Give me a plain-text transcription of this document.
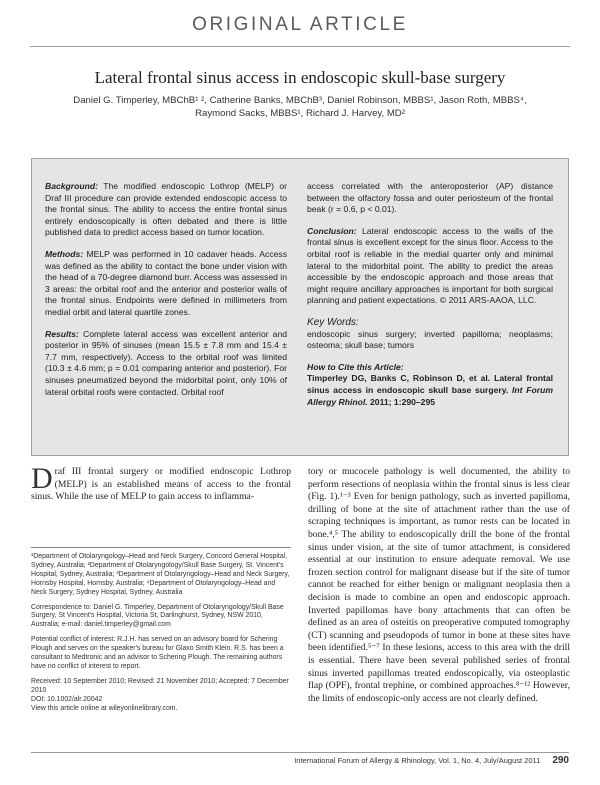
ORIGINAL ARTICLE
Lateral frontal sinus access in endoscopic skull-base surgery
Daniel G. Timperley, MBChB¹ ², Catherine Banks, MBChB³, Daniel Robinson, MBBS¹, Jason Roth, MBBS⁴,
Raymond Sacks, MBBS¹, Richard J. Harvey, MD²

Background: The modified endoscopic Lothrop (MELP) or Draf III procedure can provide extended endoscopic access to the frontal sinus. The ability to access the entire frontal sinus entirely endoscopically is often debated and there is little published data to predict access based on tumor location.

Methods: MELP was performed in 10 cadaver heads. Access was defined as the ability to contact the bone under vision with the head of a 70-degree diamond burr. Access was assessed in 3 areas: the orbital roof and the anterior and posterior walls of the frontal sinus. Endpoints were defined in millimeters from medial orbit and lateral quartile zones.

Results: Complete lateral access was excellent anterior and posterior in 95% of sinuses (mean 15.5 ± 7.8 mm and 15.4 ± 7.7 mm, respectively). Access to the orbital roof was limited (10.3 ± 4.6 mm; p = 0.01 comparing anterior and posterior). For sinuses pneumatized beyond the midorbital point, only 10% of lateral orbital roofs were contacted. Orbital roof

access correlated with the anteroposterior (AP) distance between the olfactory fossa and outer periosteum of the frontal beak (r = 0.6, p < 0.01).

Conclusion: Lateral endoscopic access to the walls of the frontal sinus is excellent except for the sinus floor. Access to the orbital roof is reliable in the medial quarter only and minimal lateral to the midorbital point. The ability to predict the areas accessible by the endoscopic approach and those areas that might require ancillary approaches is important for both surgical planning and patient expectations. © 2011 ARS-AAOA, LLC.

Key Words:
endoscopic sinus surgery; inverted papilloma; neoplasms; osteoma; skull base; tumors

How to Cite this Article:
Timperley DG, Banks C, Robinson D, et al. Lateral frontal sinus access in endoscopic skull base surgery. Int Forum Allergy Rhinol. 2011; 1:290–295

Draf III frontal surgery or modified endoscopic Lothrop (MELP) is an established means of access to the frontal sinus. While the use of MELP to gain access to inflamma-

¹Department of Otolaryngology–Head and Neck Surgery, Concord General Hospital, Sydney, Australia; ²Department of Otolaryngology/Skull Base Surgery, St. Vincent's Hospital, Sydney, Australia; ³Department of Otolaryngology–Head and Neck Surgery, Hornsby Hospital, Hornsby, Australia; ⁴Department of Otolaryngology–Head and Neck Surgery, Sydney Hospital, Sydney, Australia

Correspondence to: Daniel G. Timperley, Department of Otolaryngology/Skull Base Surgery, St Vincent's Hospital, Victoria St, Darlinghurst, Sydney, NSW 2010, Australia; e-mail: daniel.timperley@gmail.com

Potential conflict of interest: R.J.H. has served on an advisory board for Schering Plough and serves on the speaker's bureau for Glaxo Smith Klein. R.S. has been a consultant to Medtronic and an advisor to Schering Plough. The remaining authors have no conflict of interest to report.

Received: 10 September 2010; Revised: 21 November 2010; Accepted: 7 December 2010
DOI: 10.1002/alr.20042
View this article online at wileyonlinelibrary.com.

tory or mucocele pathology is well documented, the ability to perform resections of neoplasia within the frontal sinus is less clear (Fig. 1).¹⁻³ Even for benign pathology, such as inverted papilloma, drilling of bone at the site of attachment rather than the use of scraping techniques is important, as tumor rests can be located in bone.⁴,⁵ The ability to endoscopically drill the bone of the frontal sinus under vision, at the site of tumor attachment, is considered essential at our institution to ensure adequate removal. We use frozen section control for malignant disease but if the site of tumor cannot be reached for either benign or malignant neoplasia then a decision is made to combine an open and endoscopic approach. Inverted papillomas have bony attachments that can often be defined as an area of osteitis on preoperative computed tomography (CT) scanning and pseudopods of tumor in bone at these sites have been identified.⁵⁻⁷ In these lesions, access to this area with the drill is essential. There have been several published series of frontal sinus inverted papillomas treated endoscopically, via osteoplastic flap (OPF), frontal trephine, or combined approaches.⁸⁻¹² However, the limits of endoscopic-only access are not clearly defined.
International Forum of Allergy & Rhinology, Vol. 1, No. 4, July/August 2011 290
